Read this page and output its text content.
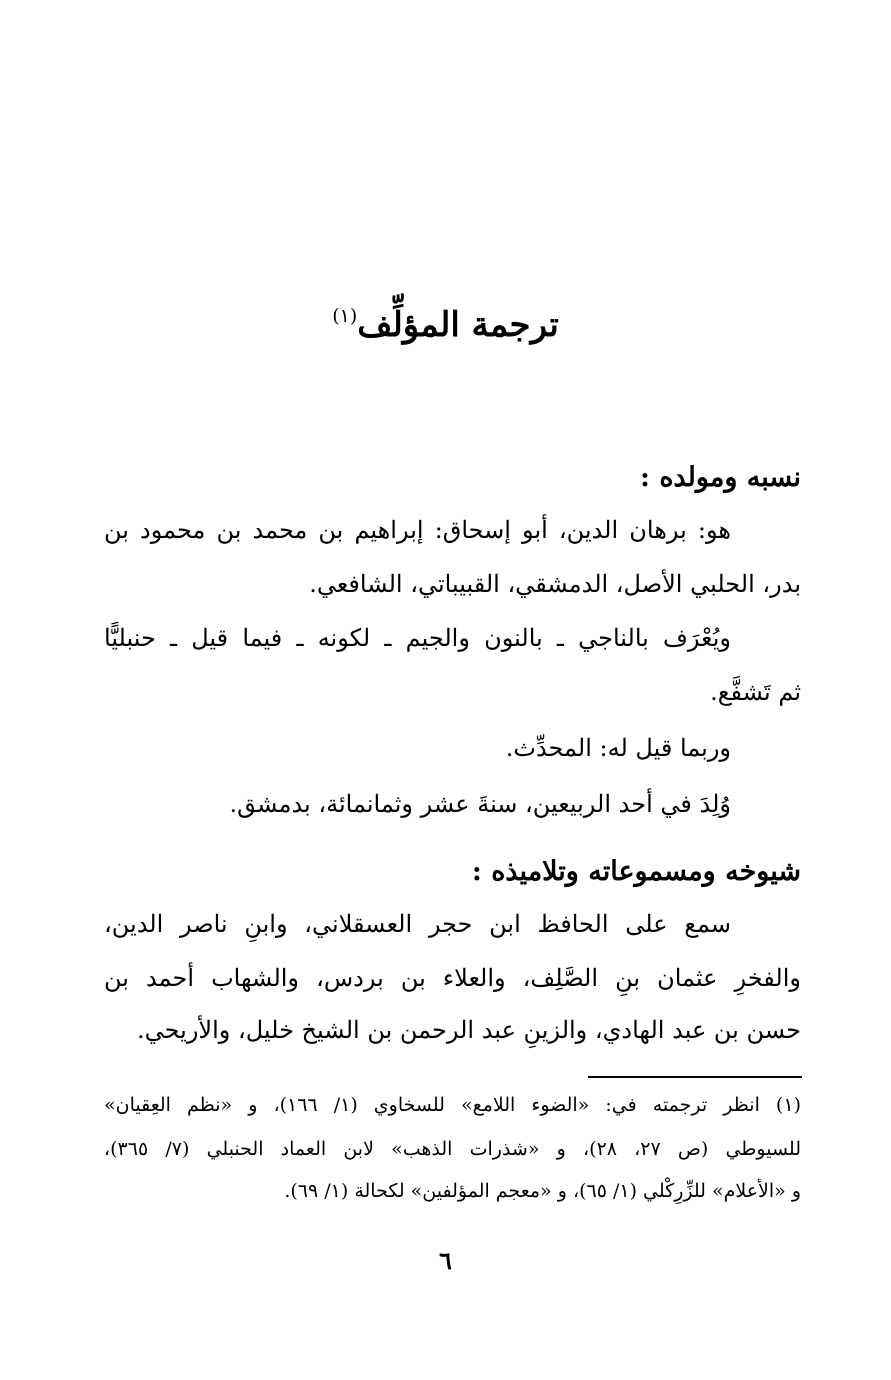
ترجمة المؤلِّف$^{(١)}$
نسبه ومولده :
هو: برهان الدين، أبو إسحاق: إبراهيم بن محمد بن محمود بن
بدر، الحلبي الأصل، الدمشقي، القبيباتي، الشافعي.
ويُعْرَف بالناجي ـ بالنون والجيم ـ لكونه ـ فيما قيل ـ حنبليًّا
ثم تَشفَّع.
وربما قيل له: المحدِّث.
وُلِدَ في أحد الربيعين، سنةَ عشر وثمانمائة، بدمشق.
شيوخه ومسموعاته وتلاميذه :
سمع على الحافظ ابن حجر العسقلاني، وابنِ ناصر الدين،
والفخرِ عثمان بنِ الصَّلِف، والعلاء بن بردس، والشهاب أحمد بن
حسن بن عبد الهادي، والزينِ عبد الرحمن بن الشيخ خليل، والأريحي.
(١) انظر ترجمته في: «الضوء اللامع» للسخاوي (١/ ١٦٦)، و «نظم العِقيان»
للسيوطي (ص ٢٧، ٢٨)، و «شذرات الذهب» لابن العماد الحنبلي (٧/ ٣٦٥)،
و «الأعلام» للزِّرِكْلي (١/ ٦٥)، و «معجم المؤلفين» لكحالة (١/ ٦٩).
٦
